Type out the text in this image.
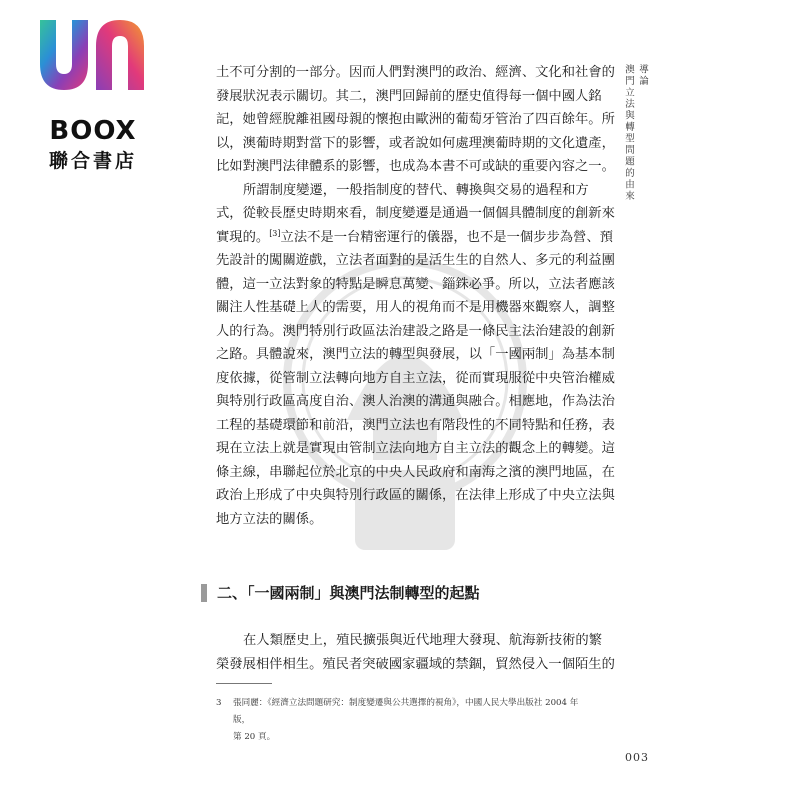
BOOX
聯合書店
導論
澳門立法與轉型問題的由來

土不可分割的一部分。因而人們對澳門的政治、經濟、文化和社會的
發展狀況表示關切。其二，澳門回歸前的歷史值得每一個中國人銘
記，她曾經脫離祖國母親的懷抱由歐洲的葡萄牙管治了四百餘年。所
以，澳葡時期對當下的影響，或者說如何處理澳葡時期的文化遺產，
比如對澳門法律體系的影響，也成為本書不可或缺的重要內容之一。

所謂制度變遷，一般指制度的替代、轉換與交易的過程和方
式，從較長歷史時期來看，制度變遷是通過一個個具體制度的創新來
實現的。[3]立法不是一台精密運行的儀器，也不是一個步步為營、預
先設計的闖關遊戲，立法者面對的是活生生的自然人、多元的利益團
體，這一立法對象的特點是瞬息萬變、錙銖必爭。所以，立法者應該
關注人性基礎上人的需要，用人的視角而不是用機器來觀察人，調整
人的行為。澳門特別行政區法治建設之路是一條民主法治建設的創新
之路。具體說來，澳門立法的轉型與發展，以「一國兩制」為基本制
度依據，從管制立法轉向地方自主立法，從而實現服從中央管治權威
與特別行政區高度自治、澳人治澳的溝通與融合。相應地，作為法治
工程的基礎環節和前沿，澳門立法也有階段性的不同特點和任務，表
現在立法上就是實現由管制立法向地方自主立法的觀念上的轉變。這
條主線，串聯起位於北京的中央人民政府和南海之濱的澳門地區，在
政治上形成了中央與特別行政區的關係，在法律上形成了中央立法與
地方立法的關係。

二、「一國兩制」與澳門法制轉型的起點

在人類歷史上，殖民擴張與近代地理大發現、航海新技術的繁
榮發展相伴相生。殖民者突破國家疆域的禁錮，貿然侵入一個陌生的

3 張同麗：《經濟立法問題研究：制度變遷與公共選擇的視角》，中國人民大學出版社 2004 年版，
第 20 頁。
003
